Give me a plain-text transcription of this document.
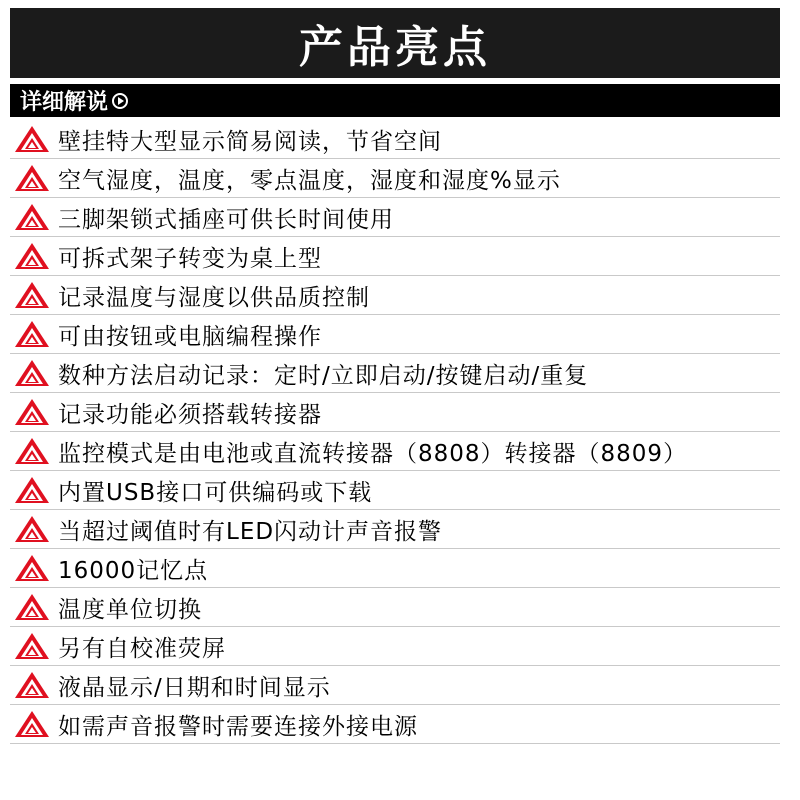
产品亮点
详细解说
壁挂特大型显示简易阅读，节省空间
空气湿度，温度，零点温度，湿度和湿度%显示
三脚架锁式插座可供长时间使用
可拆式架子转变为桌上型
记录温度与湿度以供品质控制
可由按钮或电脑编程操作
数种方法启动记录：定时/立即启动/按键启动/重复
记录功能必须搭载转接器
监控模式是由电池或直流转接器（8808）转接器（8809）
内置USB接口可供编码或下载
当超过阈值时有LED闪动计声音报警
16000记忆点
温度单位切换
另有自校准荧屏
液晶显示/日期和时间显示
如需声音报警时需要连接外接电源
